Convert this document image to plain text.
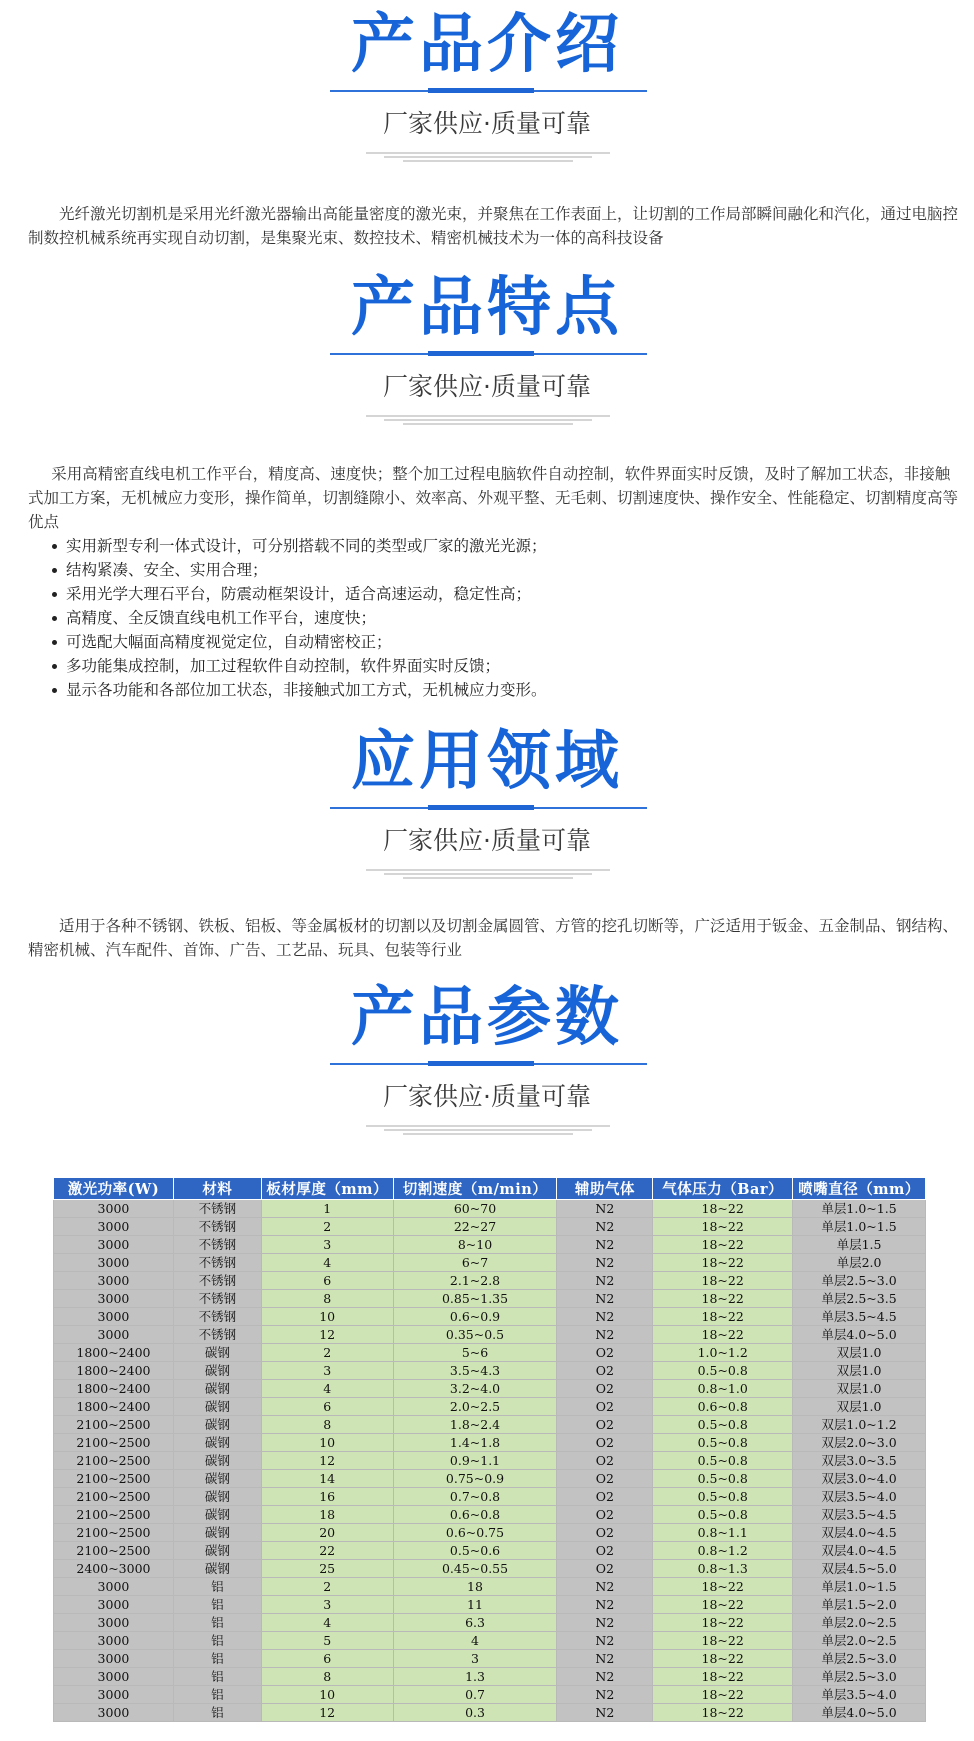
产品介绍
厂家供应·质量可靠

光纤激光切割机是采用光纤激光器输出高能量密度的激光束，并聚焦在工作表面上，让切割的工作局部瞬间融化和汽化，通过电脑控制数控机械系统再实现自动切割，是集聚光束、数控技术、精密机械技术为一体的高科技设备

产品特点
厂家供应·质量可靠

采用高精密直线电机工作平台，精度高、速度快；整个加工过程电脑软件自动控制，软件界面实时反馈，及时了解加工状态，非接触式加工方案，无机械应力变形，操作简单，切割缝隙小、效率高、外观平整、无毛刺、切割速度快、操作安全、性能稳定、切割精度高等优点

实用新型专利一体式设计，可分别搭载不同的类型或厂家的激光光源；
结构紧凑、安全、实用合理；
采用光学大理石平台，防震动框架设计，适合高速运动，稳定性高；
高精度、全反馈直线电机工作平台，速度快；
可选配大幅面高精度视觉定位，自动精密校正；
多功能集成控制，加工过程软件自动控制，软件界面实时反馈；
显示各功能和各部位加工状态，非接触式加工方式，无机械应力变形。
应用领域
厂家供应·质量可靠

适用于各种不锈钢、铁板、铝板、等金属板材的切割以及切割金属圆管、方管的挖孔切断等，广泛适用于钣金、五金制品、钢结构、精密机械、汽车配件、首饰、广告、工艺品、玩具、包装等行业

产品参数
厂家供应·质量可靠
激光功率(W)	材料	板材厚度（mm）	切割速度（m/min）	辅助气体	气体压力（Bar）	喷嘴直径（mm）
3000	不锈钢	1	60~70	N2	18~22	单层1.0~1.5
3000	不锈钢	2	22~27	N2	18~22	单层1.0~1.5
3000	不锈钢	3	8~10	N2	18~22	单层1.5
3000	不锈钢	4	6~7	N2	18~22	单层2.0
3000	不锈钢	6	2.1~2.8	N2	18~22	单层2.5~3.0
3000	不锈钢	8	0.85~1.35	N2	18~22	单层2.5~3.5
3000	不锈钢	10	0.6~0.9	N2	18~22	单层3.5~4.5
3000	不锈钢	12	0.35~0.5	N2	18~22	单层4.0~5.0
1800~2400	碳钢	2	5~6	O2	1.0~1.2	双层1.0
1800~2400	碳钢	3	3.5~4.3	O2	0.5~0.8	双层1.0
1800~2400	碳钢	4	3.2~4.0	O2	0.8~1.0	双层1.0
1800~2400	碳钢	6	2.0~2.5	O2	0.6~0.8	双层1.0
2100~2500	碳钢	8	1.8~2.4	O2	0.5~0.8	双层1.0~1.2
2100~2500	碳钢	10	1.4~1.8	O2	0.5~0.8	双层2.0~3.0
2100~2500	碳钢	12	0.9~1.1	O2	0.5~0.8	双层3.0~3.5
2100~2500	碳钢	14	0.75~0.9	O2	0.5~0.8	双层3.0~4.0
2100~2500	碳钢	16	0.7~0.8	O2	0.5~0.8	双层3.5~4.0
2100~2500	碳钢	18	0.6~0.8	O2	0.5~0.8	双层3.5~4.5
2100~2500	碳钢	20	0.6~0.75	O2	0.8~1.1	双层4.0~4.5
2100~2500	碳钢	22	0.5~0.6	O2	0.8~1.2	双层4.0~4.5
2400~3000	碳钢	25	0.45~0.55	O2	0.8~1.3	双层4.5~5.0
3000	铝	2	18	N2	18~22	单层1.0~1.5
3000	铝	3	11	N2	18~22	单层1.5~2.0
3000	铝	4	6.3	N2	18~22	单层2.0~2.5
3000	铝	5	4	N2	18~22	单层2.0~2.5
3000	铝	6	3	N2	18~22	单层2.5~3.0
3000	铝	8	1.3	N2	18~22	单层2.5~3.0
3000	铝	10	0.7	N2	18~22	单层3.5~4.0
3000	铝	12	0.3	N2	18~22	单层4.0~5.0
